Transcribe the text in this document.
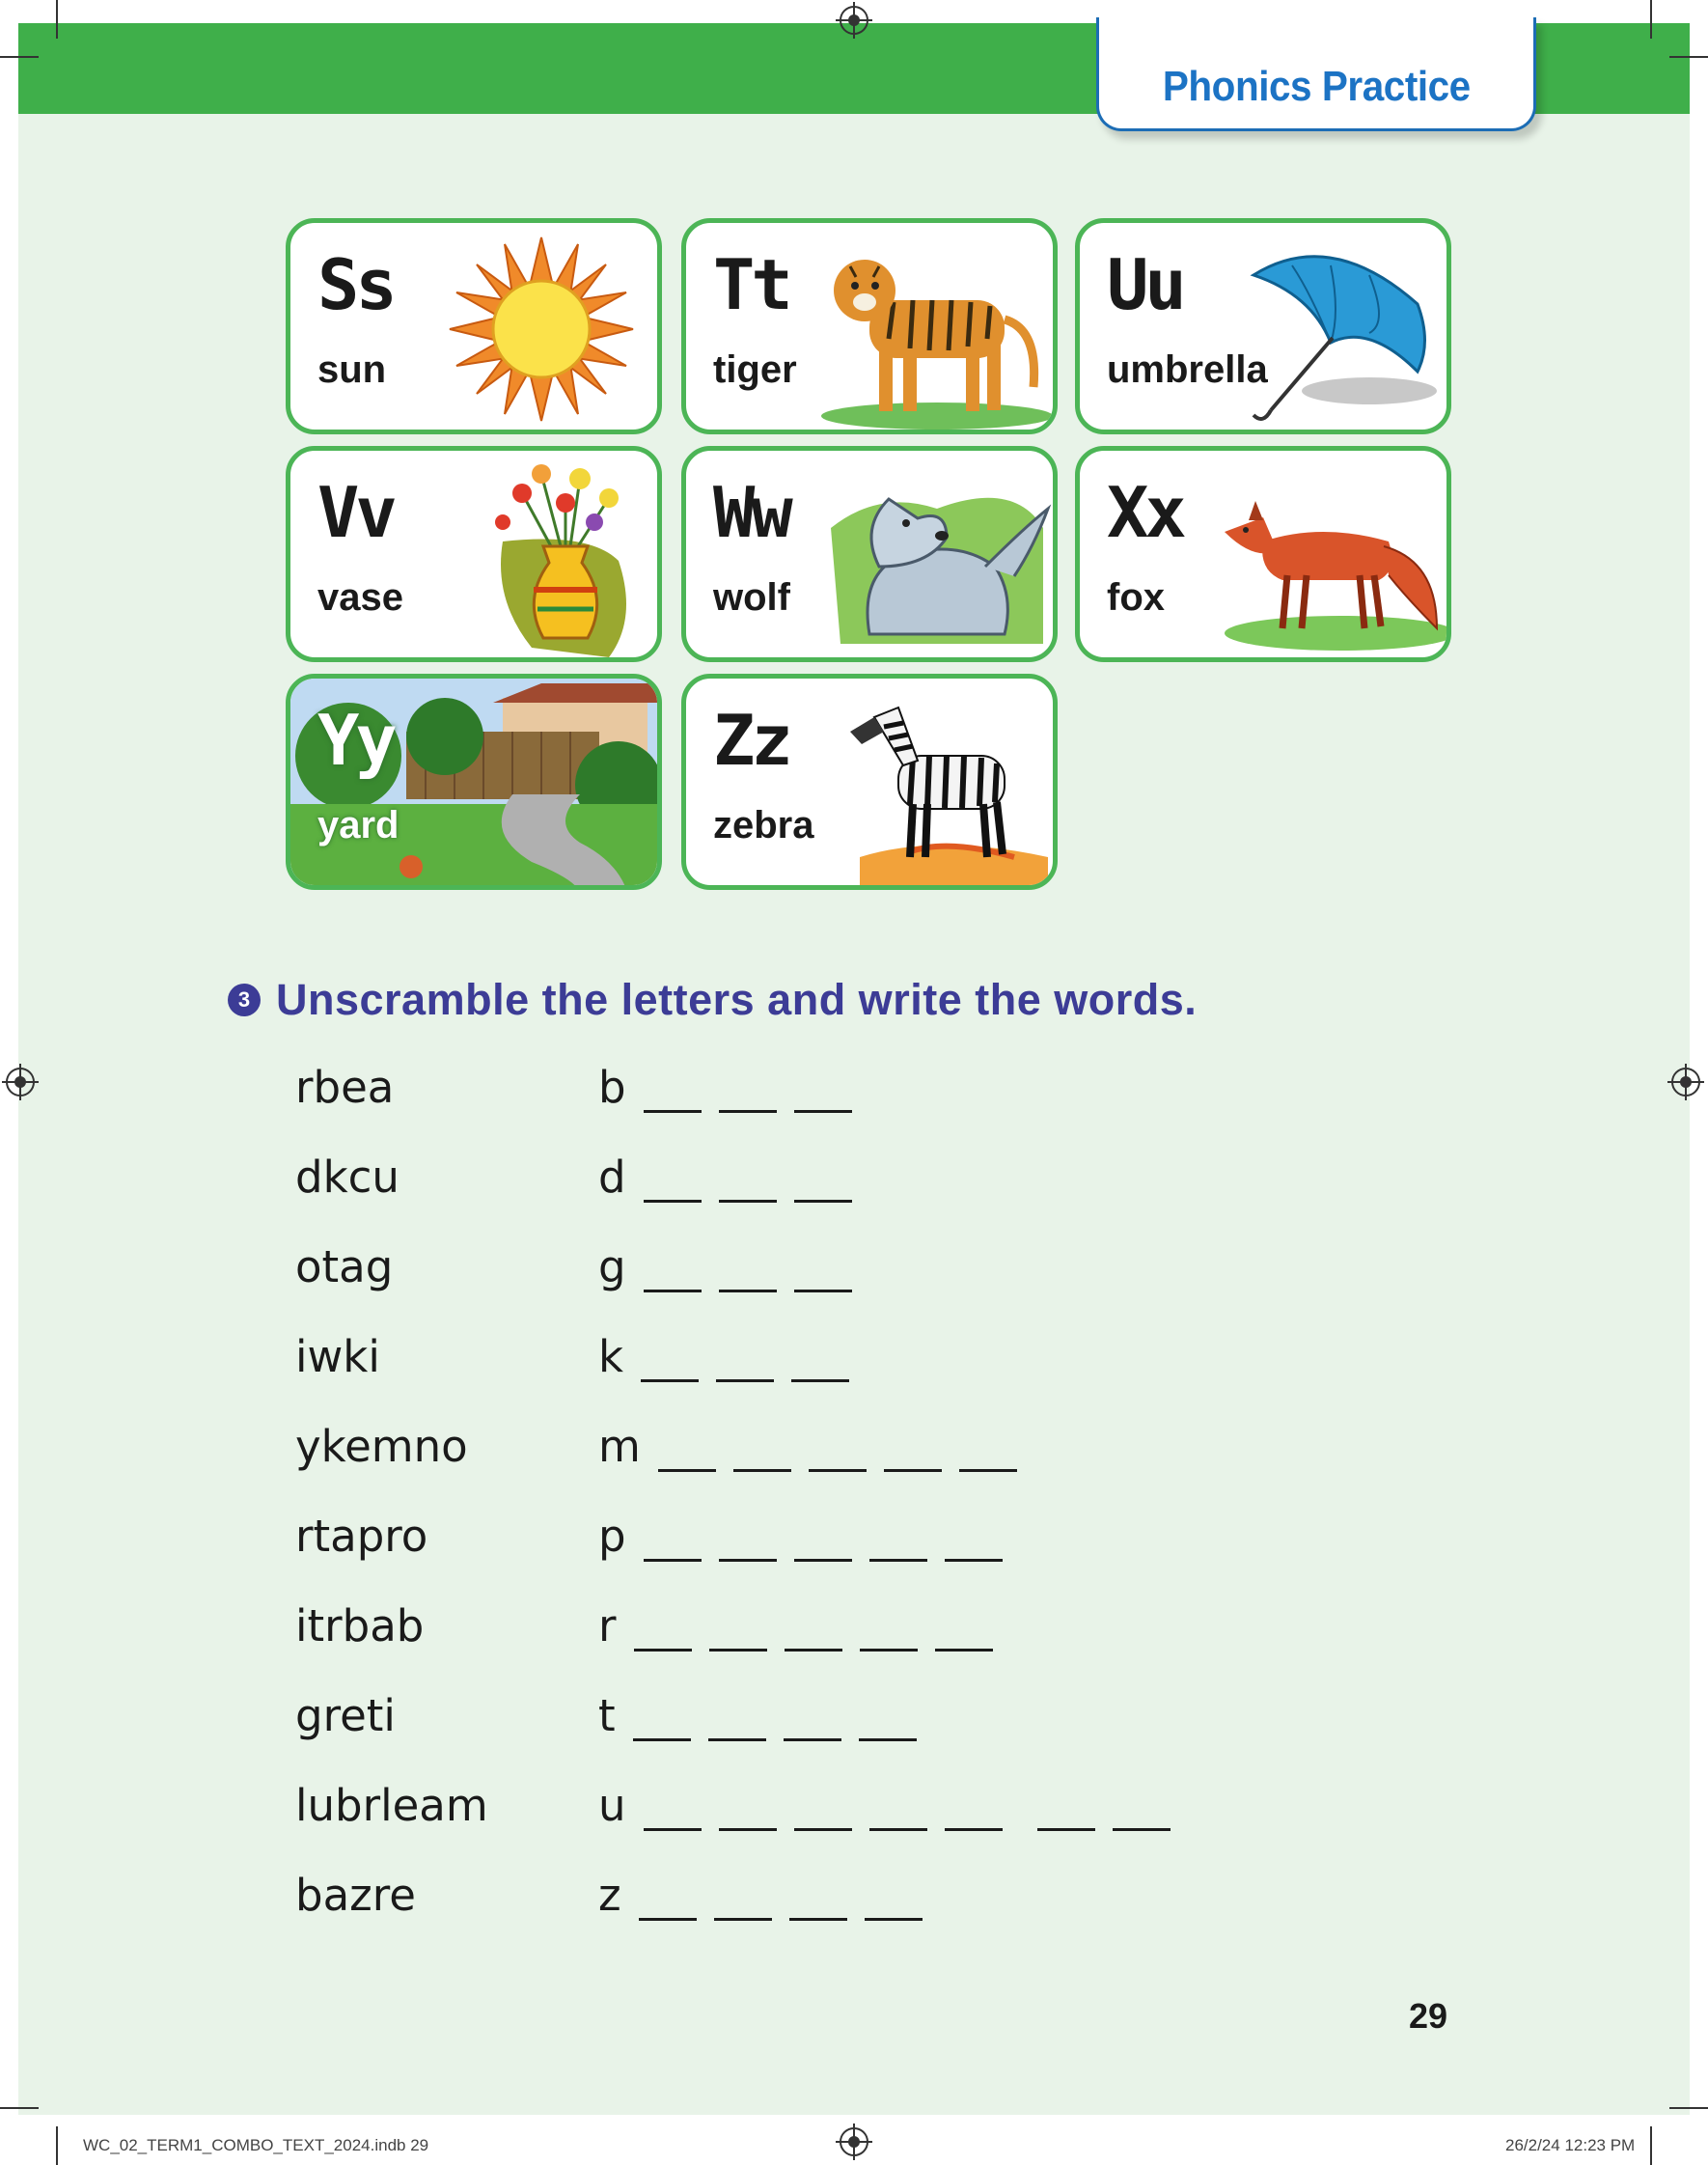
Phonics Practice
Ss
sun
Tt
tiger
Uu
umbrella
Vv
vase
Ww
wolf
Xx
fox
Yy
yard
Zz
zebra
3 Unscramble the letters and write the words.
rbea	b
dkcu	d
otag	g
iwki	k
ykemno	m
rtapro	p
itrbab	r
greti	t
lubrleam	u
bazre	z
29
WC_02_TERM1_COMBO_TEXT_2024.indb 29	26/2/24 12:23 PM
